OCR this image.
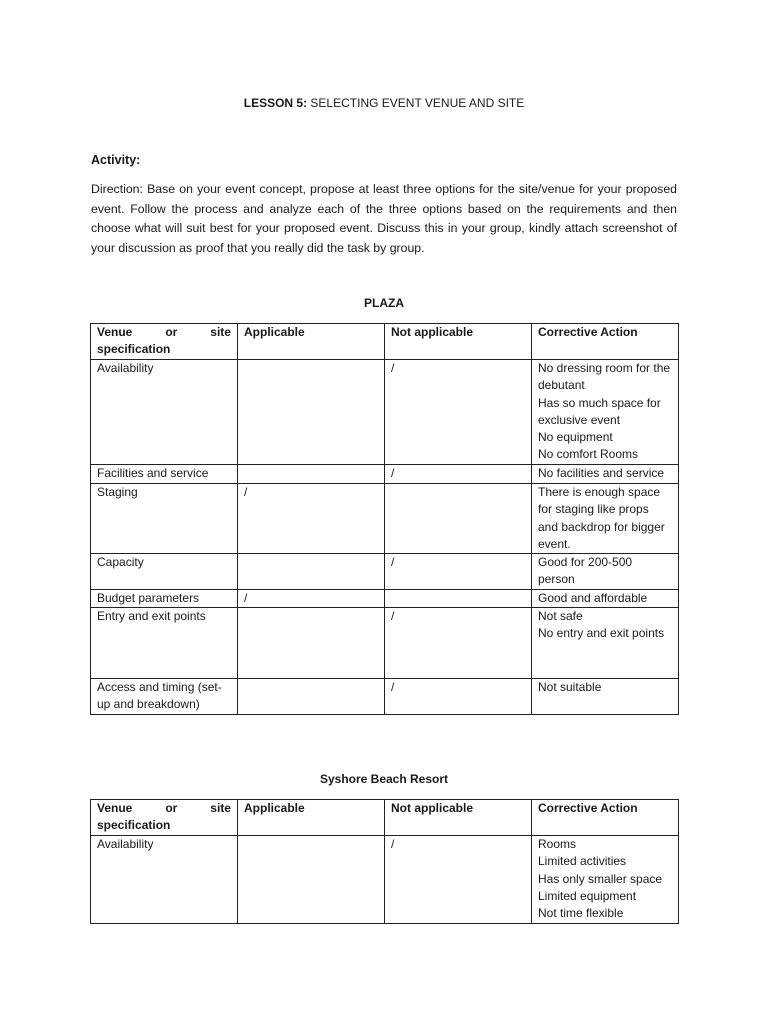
LESSON 5: SELECTING EVENT VENUE AND SITE
Activity:
Direction: Base on your event concept, propose at least three options for the site/venue for your proposed event. Follow the process and analyze each of the three options based on the requirements and then choose what will suit best for your proposed event. Discuss this in your group, kindly attach screenshot of your discussion as proof that you really did the task by group.
PLAZA
Venue or site
specification	Applicable	Not applicable	Corrective Action
Availability		/	No dressing room for the debutant
Has so much space for exclusive event
No equipment
No comfort Rooms

Facilities and service		/	No facilities and service

Staging	/		There is enough space for staging like props and backdrop for bigger event.

Capacity		/	Good for 200-500 person

Budget parameters	/		Good and affordable

Entry and exit points		/	Not safe
No entry and exit points

Access and timing (set-up and breakdown)		/	Not suitable
Syshore Beach Resort
Venue or site
specification	Applicable	Not applicable	Corrective Action
Availability		/	Rooms
Limited activities
Has only smaller space
Limited equipment
Not time flexible
